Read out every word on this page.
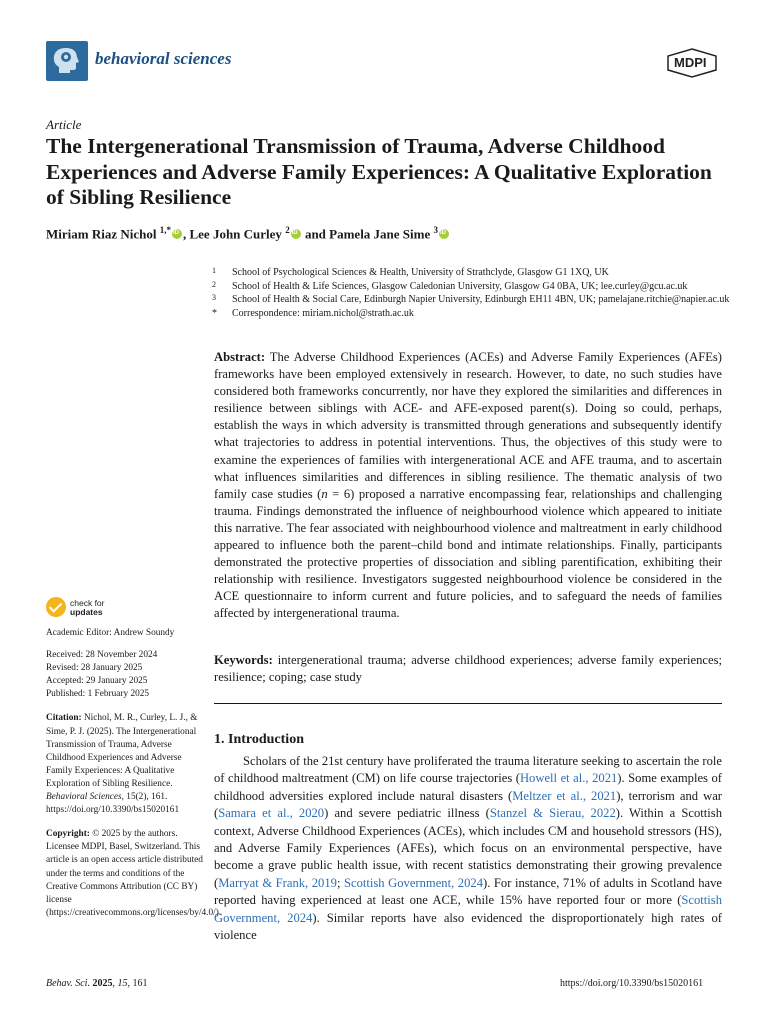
behavioral sciences	MDPI
Article
The Intergenerational Transmission of Trauma, Adverse Childhood Experiences and Adverse Family Experiences: A Qualitative Exploration of Sibling Resilience
Miriam Riaz Nichol $^{1,*}$iD , Lee John Curley $^2$iD and Pamela Jane Sime $^3$iD
1 School of Psychological Sciences & Health, University of Strathclyde, Glasgow G1 1XQ, UK
2 School of Health & Life Sciences, Glasgow Caledonian University, Glasgow G4 0BA, UK; lee.curley@gcu.ac.uk
3 School of Health & Social Care, Edinburgh Napier University, Edinburgh EH11 4BN, UK; pamelajane.ritchie@napier.ac.uk
* Correspondence: miriam.nichol@strath.ac.uk
Abstract: The Adverse Childhood Experiences (ACEs) and Adverse Family Experiences (AFEs) frameworks have been employed extensively in research. However, to date, no such studies have considered both frameworks concurrently, nor have they explored the similarities and differences in resilience between siblings with ACE- and AFE-exposed parent(s). Doing so could, perhaps, establish the ways in which adversity is transmitted through generations and subsequently identify what trajectories to address in potential interventions. Thus, the objectives of this study were to examine the experiences of families with intergenerational ACE and AFE trauma, and to ascertain what influences similarities and differences in sibling resilience. The thematic analysis of two family case studies (n = 6) proposed a narrative encompassing fear, relationships and challenging trauma. Findings demonstrated the influence of neighbourhood violence which appeared to initiate this narrative. The fear associated with neighbourhood violence and maltreatment in early childhood appeared to influence both the parent–child bond and intimate relationships. Finally, participants demonstrated the protective properties of dissociation and sibling parentification, exhibiting their relationship with resilience. Investigators suggested neighbourhood violence be considered in the ACE questionnaire to inform current and future policies, and to safeguard the needs of families affected by intergenerational trauma.
Keywords: intergenerational trauma; adverse childhood experiences; adverse family experiences; resilience; coping; case study
1. Introduction
Scholars of the 21st century have proliferated the trauma literature seeking to ascertain the role of childhood maltreatment (CM) on life course trajectories (Howell et al., 2021). Some examples of childhood adversities explored include natural disasters (Meltzer et al., 2021), terrorism and war (Samara et al., 2020) and severe pediatric illness (Stanzel & Sierau, 2022). Within a Scottish context, Adverse Childhood Experiences (ACEs), which includes CM and household stressors (HS), and Adverse Family Experiences (AFEs), which focus on an environmental perspective, have become a grave public health issue, with recent statistics demonstrating their growing prevalence (Marryat & Frank, 2019; Scottish Government, 2024). For instance, 71% of adults in Scotland have reported having experienced at least one ACE, while 15% have reported four or more (Scottish Government, 2024). Similar reports have also evidenced the disproportionately high rates of violence
check for
updates

Academic Editor: Andrew Soundy

Received: 28 November 2024

Revised: 28 January 2025

Accepted: 29 January 2025

Published: 1 February 2025

Citation: Nichol, M. R., Curley, L. J., & Sime, P. J. (2025). The Intergenerational Transmission of Trauma, Adverse Childhood Experiences and Adverse Family Experiences: A Qualitative Exploration of Sibling Resilience. Behavioral Sciences, 15(2), 161. https://doi.org/10.3390/bs15020161

Copyright: © 2025 by the authors. Licensee MDPI, Basel, Switzerland. This article is an open access article distributed under the terms and conditions of the Creative Commons Attribution (CC BY) license (https://creativecommons.org/licenses/by/4.0/).

Behav. Sci. 2025, 15, 161	https://doi.org/10.3390/bs15020161
